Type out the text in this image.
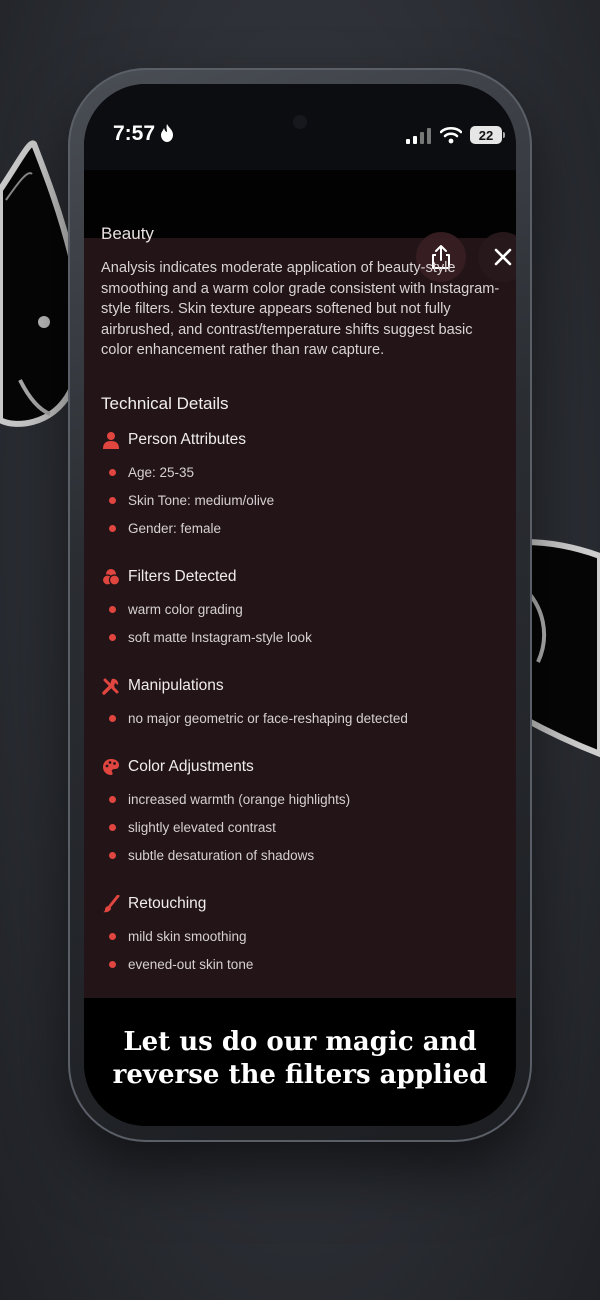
7:57	22
Beauty
Analysis indicates moderate application of beauty-style smoothing and a warm color grade consistent with Instagram-style filters. Skin texture appears softened but not fully airbrushed, and contrast/temperature shifts suggest basic color enhancement rather than raw capture.
Technical Details
Person Attributes
Age: 25-35
Skin Tone: medium/olive
Gender: female
Filters Detected
warm color grading
soft matte Instagram-style look
Manipulations
no major geometric or face-reshaping detected
Color Adjustments
increased warmth (orange highlights)
slightly elevated contrast
subtle desaturation of shadows
Retouching
mild skin smoothing
evened-out skin tone
Let us do our magic and
reverse the filters applied
